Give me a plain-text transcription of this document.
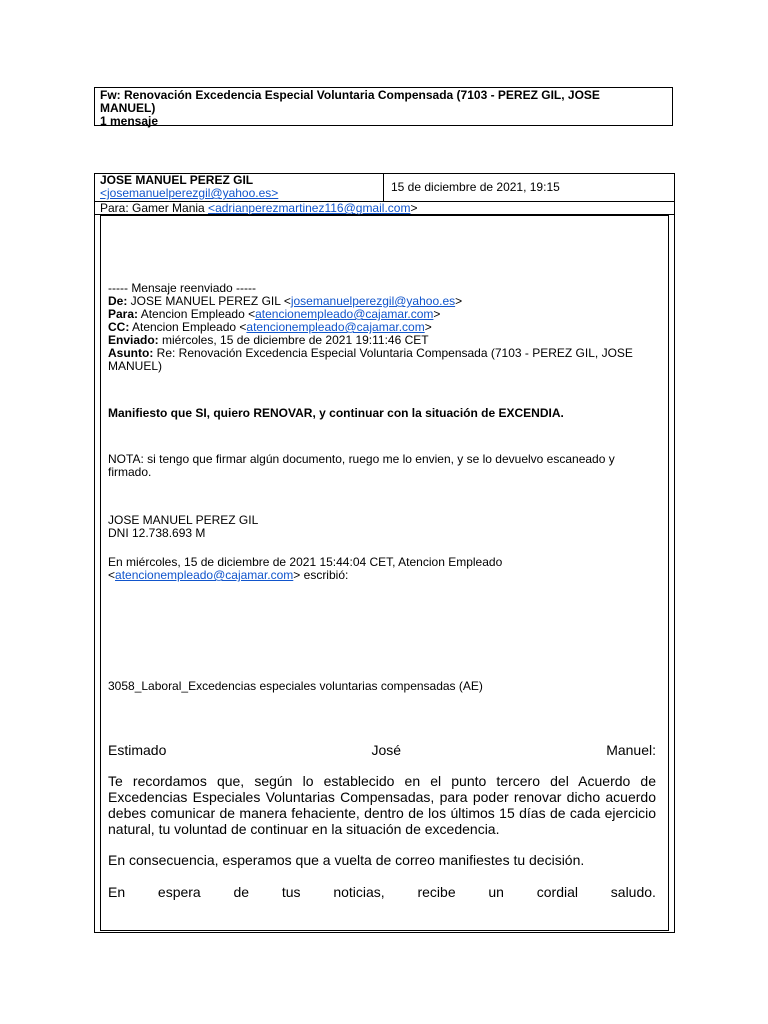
Fw: Renovación Excedencia Especial Voluntaria Compensada (7103 - PEREZ GIL, JOSE
MANUEL)
1 mensaje
JOSE MANUEL PEREZ GIL
<josemanuelperezgil@yahoo.es>	15 de diciembre de 2021, 19:15
Para: Gamer Mania <adrianperezmartinez116@gmail.com>
----- Mensaje reenviado -----
De: JOSE MANUEL PEREZ GIL <josemanuelperezgil@yahoo.es>
Para: Atencion Empleado <atencionempleado@cajamar.com>
CC: Atencion Empleado <atencionempleado@cajamar.com>
Enviado: miércoles, 15 de diciembre de 2021 19:11:46 CET
Asunto: Re: Renovación Excedencia Especial Voluntaria Compensada (7103 - PEREZ GIL, JOSE MANUEL)
Manifiesto que SI, quiero RENOVAR, y continuar con la situación de EXCENDIA.
NOTA: si tengo que firmar algún documento, ruego me lo envien, y se lo devuelvo escaneado y firmado.
JOSE MANUEL PEREZ GIL
DNI 12.738.693 M
En miércoles, 15 de diciembre de 2021 15:44:04 CET, Atencion Empleado
<atencionempleado@cajamar.com> escribió:
3058_Laboral_Excedencias especiales voluntarias compensadas (AE)
Estimado	José	Manuel:
Te recordamos que, según lo establecido en el punto tercero del Acuerdo de Excedencias Especiales Voluntarias Compensadas, para poder renovar dicho acuerdo debes comunicar de manera fehaciente, dentro de los últimos 15 días de cada ejercicio natural, tu voluntad de continuar en la situación de excedencia.
En consecuencia, esperamos que a vuelta de correo manifiestes tu decisión.
En espera de tus noticias, recibe un cordial saludo.
